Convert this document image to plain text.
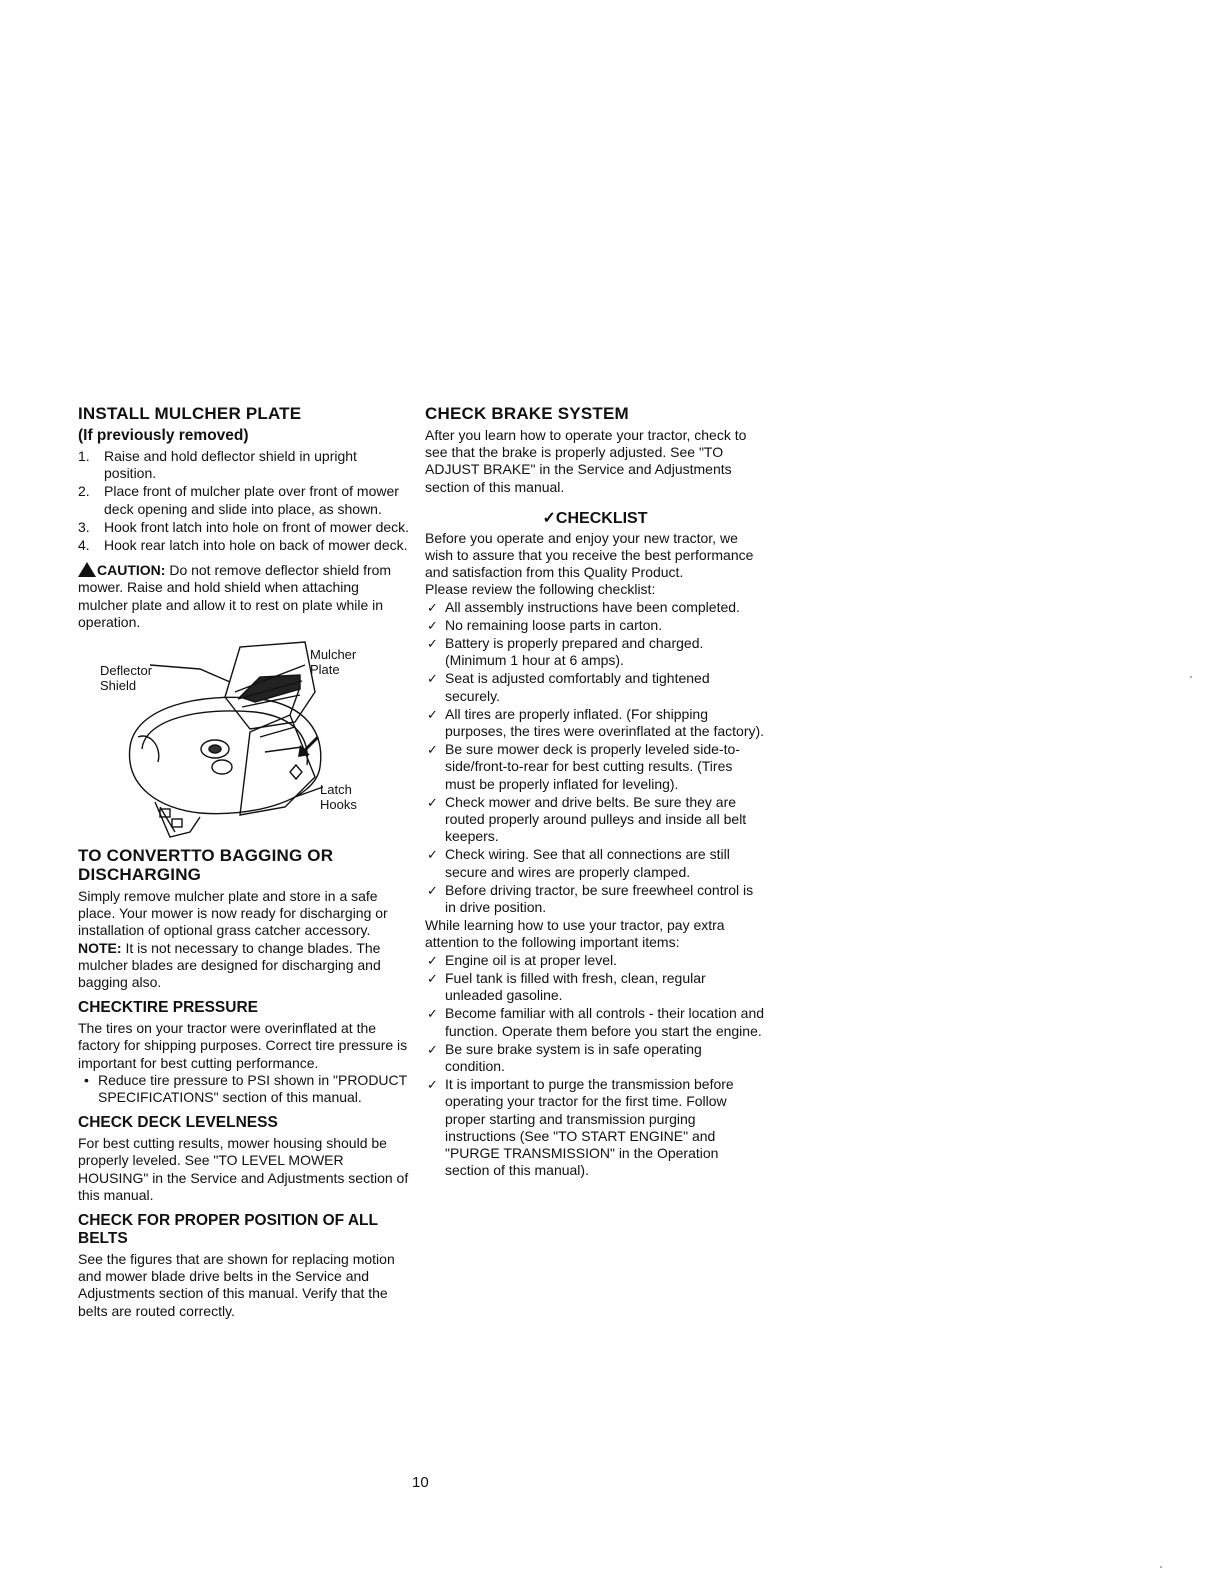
INSTALL MULCHER PLATE
(If previously removed)
1. Raise and hold deflector shield in upright position.
2. Place front of mulcher plate over front of mower deck opening and slide into place, as shown.
3. Hook front latch into hole on front of mower deck.
4. Hook rear latch into hole on back of mower deck.
CAUTION: Do not remove deflector shield from mower. Raise and hold shield when attaching mulcher plate and allow it to rest on plate while in operation.
Deflector
Shield
Mulcher
Plate
Latch
Hooks
TO CONVERTTO BAGGING OR DISCHARGING

Simply remove mulcher plate and store in a safe place. Your mower is now ready for discharging or installation of optional grass catcher accessory.

NOTE: It is not necessary to change blades. The mulcher blades are designed for discharging and bagging also.

CHECKTIRE PRESSURE

The tires on your tractor were overinflated at the factory for shipping purposes. Correct tire pressure is important for best cutting performance.

• Reduce tire pressure to PSI shown in "PRODUCT SPECIFICATIONS" section of this manual.
CHECK DECK LEVELNESS

For best cutting results, mower housing should be properly leveled. See "TO LEVEL MOWER HOUSING" in the Service and Adjustments section of this manual.

CHECK FOR PROPER POSITION OF ALL BELTS

See the figures that are shown for replacing motion and mower blade drive belts in the Service and Adjustments section of this manual. Verify that the belts are routed correctly.

CHECK BRAKE SYSTEM

After you learn how to operate your tractor, check to see that the brake is properly adjusted. See "TO ADJUST BRAKE" in the Service and Adjustments section of this manual.

✓CHECKLIST

Before you operate and enjoy your new tractor, we wish to assure that you receive the best performance and satisfaction from this Quality Product.

Please review the following checklist:

✓ All assembly instructions have been completed.
✓ No remaining loose parts in carton.
✓ Battery is properly prepared and charged. (Minimum 1 hour at 6 amps).
✓ Seat is adjusted comfortably and tightened securely.
✓ All tires are properly inflated. (For shipping purposes, the tires were overinflated at the factory).
✓ Be sure mower deck is properly leveled side-to-side/front-to-rear for best cutting results. (Tires must be properly inflated for leveling).
✓ Check mower and drive belts. Be sure they are routed properly around pulleys and inside all belt keepers.
✓ Check wiring. See that all connections are still secure and wires are properly clamped.
✓ Before driving tractor, be sure freewheel control is in drive position.

While learning how to use your tractor, pay extra attention to the following important items:

✓ Engine oil is at proper level.
✓ Fuel tank is filled with fresh, clean, regular unleaded gasoline.
✓ Become familiar with all controls - their location and function. Operate them before you start the engine.
✓ Be sure brake system is in safe operating condition.
✓ It is important to purge the transmission before operating your tractor for the first time. Follow proper starting and transmission purging instructions (See "TO START ENGINE" and "PURGE TRANSMISSION" in the Operation section of this manual).
10
